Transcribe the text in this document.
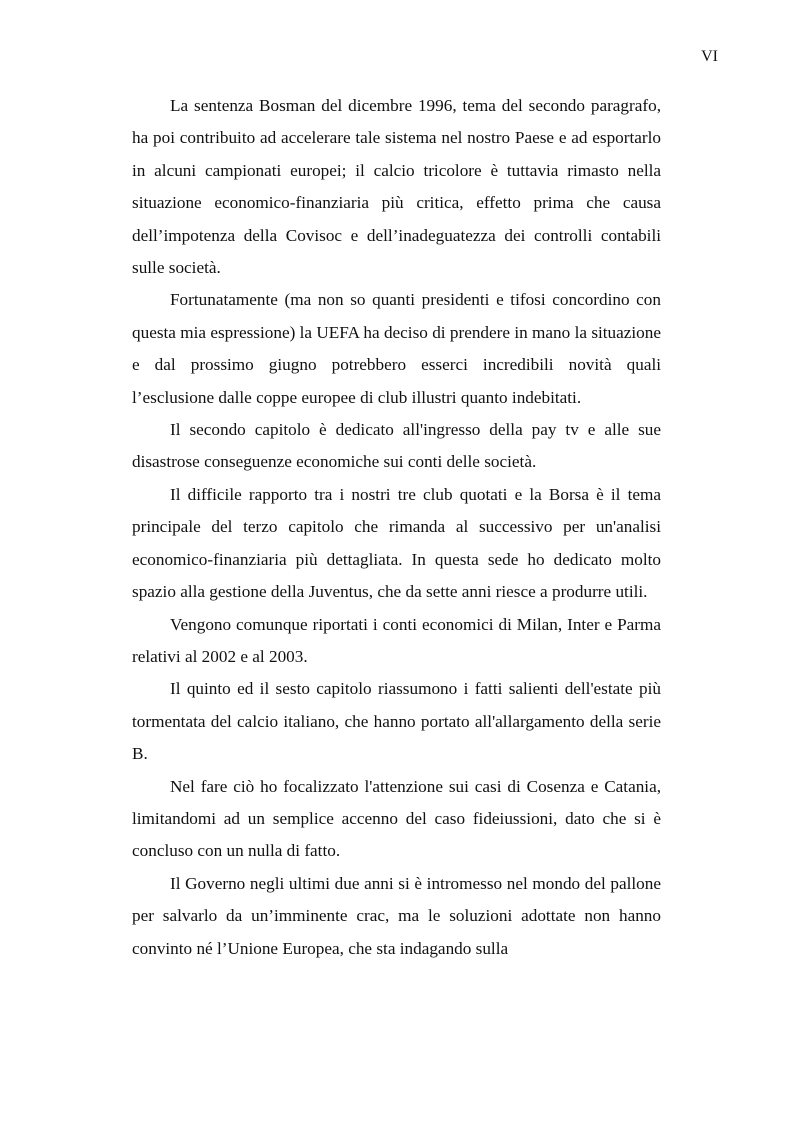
VI

La sentenza Bosman del dicembre 1996, tema del secondo paragrafo, ha poi contribuito ad accelerare tale sistema nel nostro Paese e ad esportarlo in alcuni campionati europei; il calcio tricolore è tuttavia rimasto nella situazione economico-finanziaria più critica, effetto prima che causa dell’impotenza della Covisoc e dell’inadeguatezza dei controlli contabili sulle società.

Fortunatamente (ma non so quanti presidenti e tifosi concordino con questa mia espressione) la UEFA ha deciso di prendere in mano la situazione e dal prossimo giugno potrebbero esserci incredibili novità quali l’esclusione dalle coppe europee di club illustri quanto indebitati.

Il secondo capitolo è dedicato all'ingresso della pay tv e alle sue disastrose conseguenze economiche sui conti delle società.

Il difficile rapporto tra i nostri tre club quotati e la Borsa è il tema principale del terzo capitolo che rimanda al successivo per un'analisi economico-finanziaria più dettagliata. In questa sede ho dedicato molto spazio alla gestione della Juventus, che da sette anni riesce a produrre utili.

Vengono comunque riportati i conti economici di Milan, Inter e Parma relativi al 2002 e al 2003.

Il quinto ed il sesto capitolo riassumono i fatti salienti dell'estate più tormentata del calcio italiano, che hanno portato all'allargamento della serie B.

Nel fare ciò ho focalizzato l'attenzione sui casi di Cosenza e Catania, limitandomi ad un semplice accenno del caso fideiussioni, dato che si è concluso con un nulla di fatto.

Il Governo negli ultimi due anni si è intromesso nel mondo del pallone per salvarlo da un’imminente crac, ma le soluzioni adottate non hanno convinto né l’Unione Europea, che sta indagando sulla
